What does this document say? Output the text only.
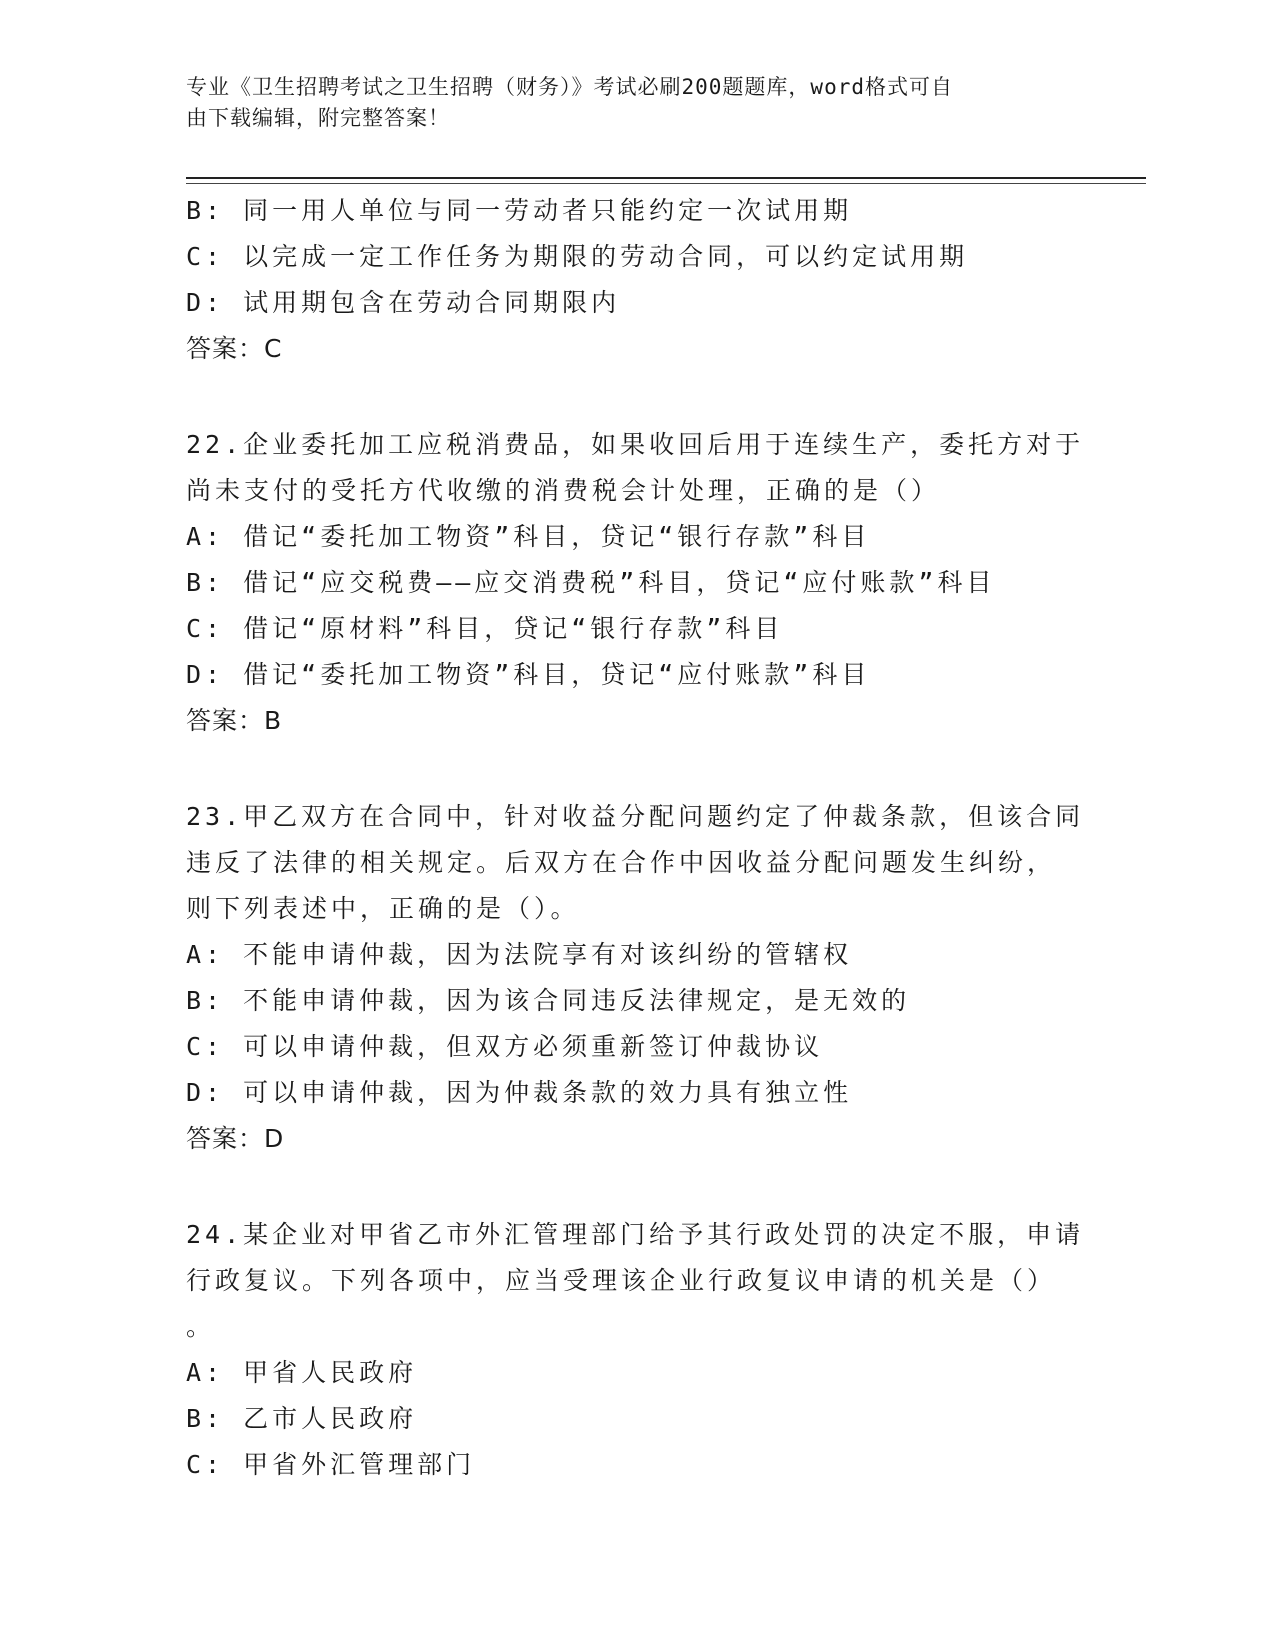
专业《卫生招聘考试之卫生招聘（财务）》考试必刷200题题库，word格式可自
由下载编辑，附完整答案！
B: 同一用人单位与同一劳动者只能约定一次试用期
C: 以完成一定工作任务为期限的劳动合同，可以约定试用期
D: 试用期包含在劳动合同期限内
答案：C
22.企业委托加工应税消费品，如果收回后用于连续生产，委托方对于
尚未支付的受托方代收缴的消费税会计处理，正确的是（）
A: 借记“委托加工物资”科目，贷记“银行存款”科目
B: 借记“应交税费——应交消费税”科目，贷记“应付账款”科目
C: 借记“原材料”科目，贷记“银行存款”科目
D: 借记“委托加工物资”科目，贷记“应付账款”科目
答案：B
23.甲乙双方在合同中，针对收益分配问题约定了仲裁条款，但该合同
违反了法律的相关规定。后双方在合作中因收益分配问题发生纠纷，
则下列表述中，正确的是（）。
A: 不能申请仲裁，因为法院享有对该纠纷的管辖权
B: 不能申请仲裁，因为该合同违反法律规定，是无效的
C: 可以申请仲裁，但双方必须重新签订仲裁协议
D: 可以申请仲裁，因为仲裁条款的效力具有独立性
答案：D
24.某企业对甲省乙市外汇管理部门给予其行政处罚的决定不服，申请
行政复议。下列各项中，应当受理该企业行政复议申请的机关是（）
。
A: 甲省人民政府
B: 乙市人民政府
C: 甲省外汇管理部门
